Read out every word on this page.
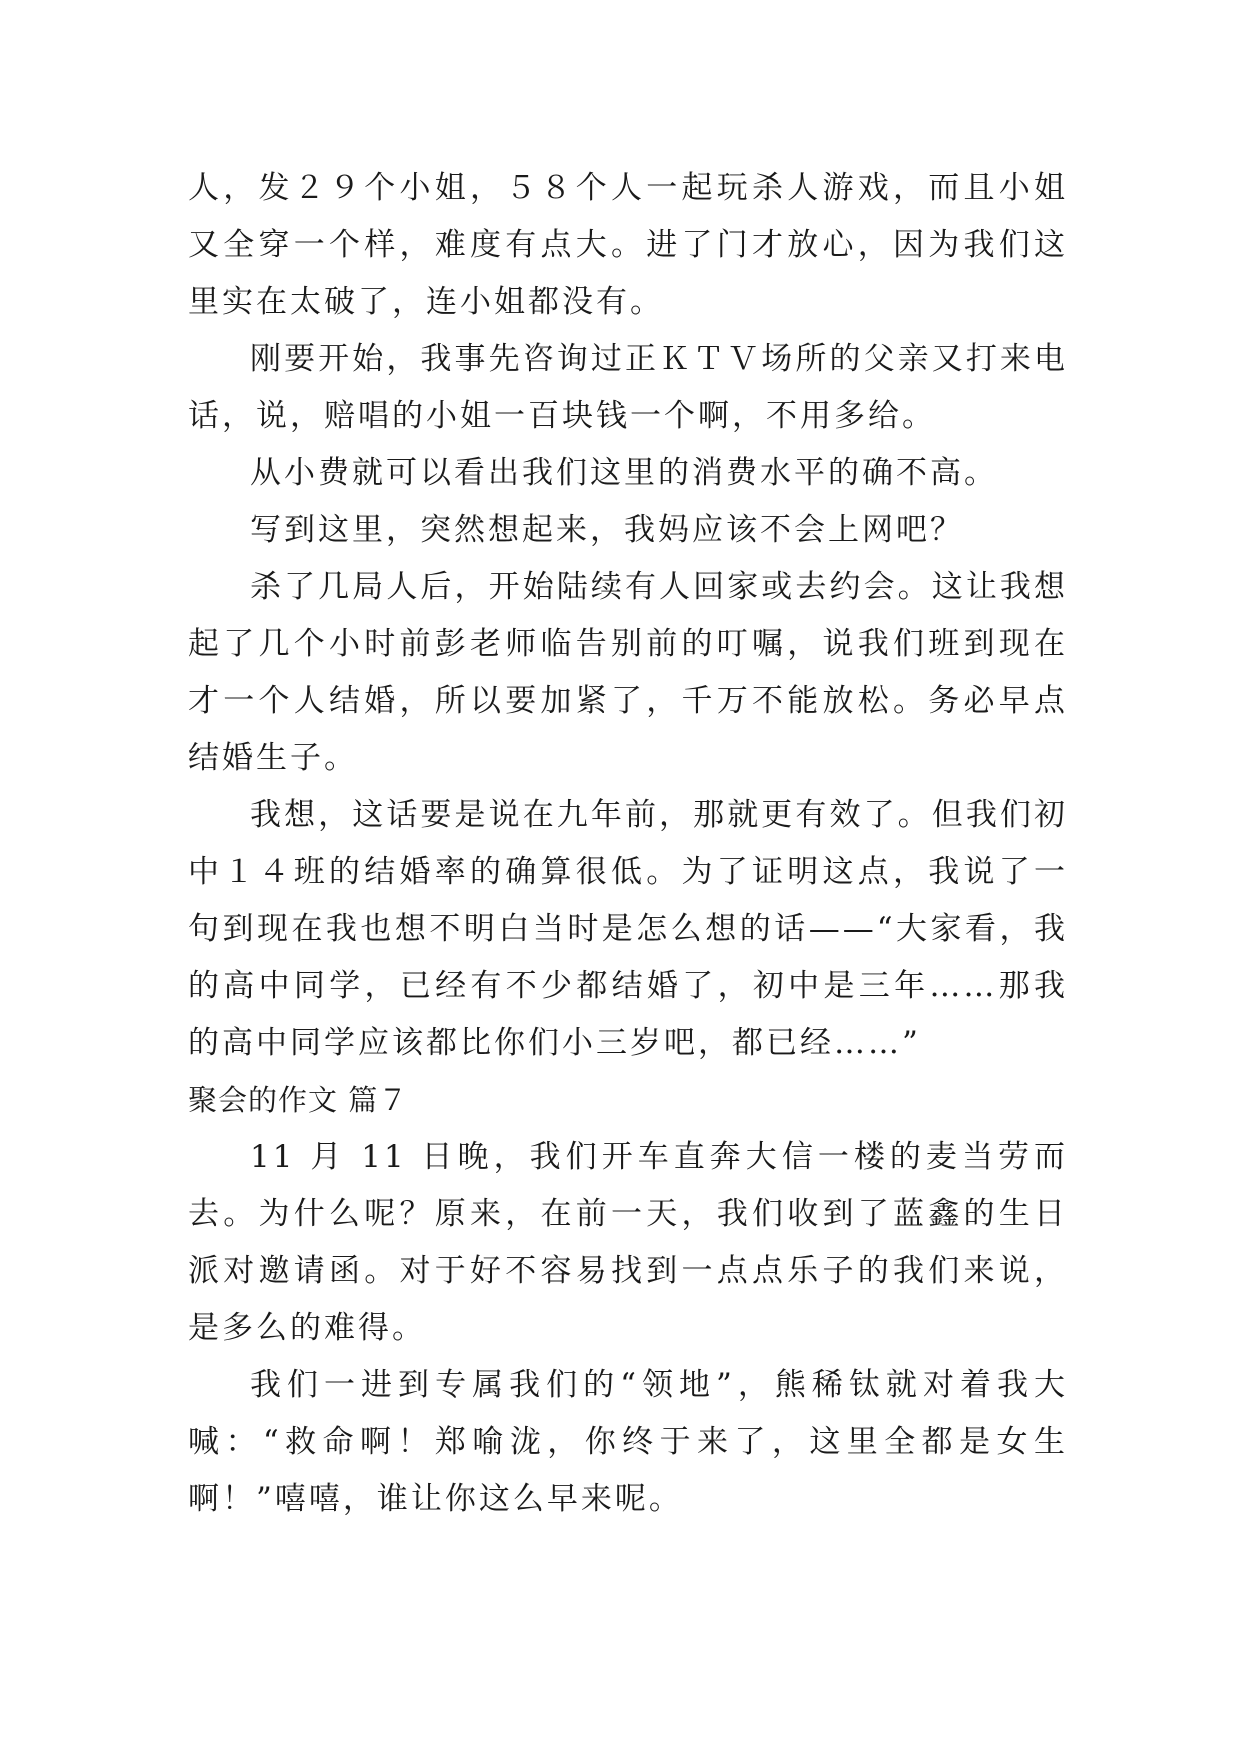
人，发２９个小姐，５８个人一起玩杀人游戏，而且小姐又全穿一个样，难度有点大。进了门才放心，因为我们这里实在太破了，连小姐都没有。

刚要开始，我事先咨询过正ＫＴＶ场所的父亲又打来电话，说，赔唱的小姐一百块钱一个啊，不用多给。

从小费就可以看出我们这里的消费水平的确不高。

写到这里，突然想起来，我妈应该不会上网吧？

杀了几局人后，开始陆续有人回家或去约会。这让我想起了几个小时前彭老师临告别前的叮嘱，说我们班到现在才一个人结婚，所以要加紧了，千万不能放松。务必早点结婚生子。

我想，这话要是说在九年前，那就更有效了。但我们初中１４班的结婚率的确算很低。为了证明这点，我说了一句到现在我也想不明白当时是怎么想的话——“大家看，我的高中同学，已经有不少都结婚了，初中是三年……那我的高中同学应该都比你们小三岁吧，都已经……”

聚会的作文 篇７

11 月 11 日晚，我们开车直奔大信一楼的麦当劳而去。为什么呢？原来，在前一天，我们收到了蓝鑫的生日派对邀请函。对于好不容易找到一点点乐子的我们来说，是多么的难得。

我们一进到专属我们的“领地”，熊稀钛就对着我大喊：“救命啊！郑喻泷，你终于来了，这里全都是女生啊！”嘻嘻，谁让你这么早来呢。
